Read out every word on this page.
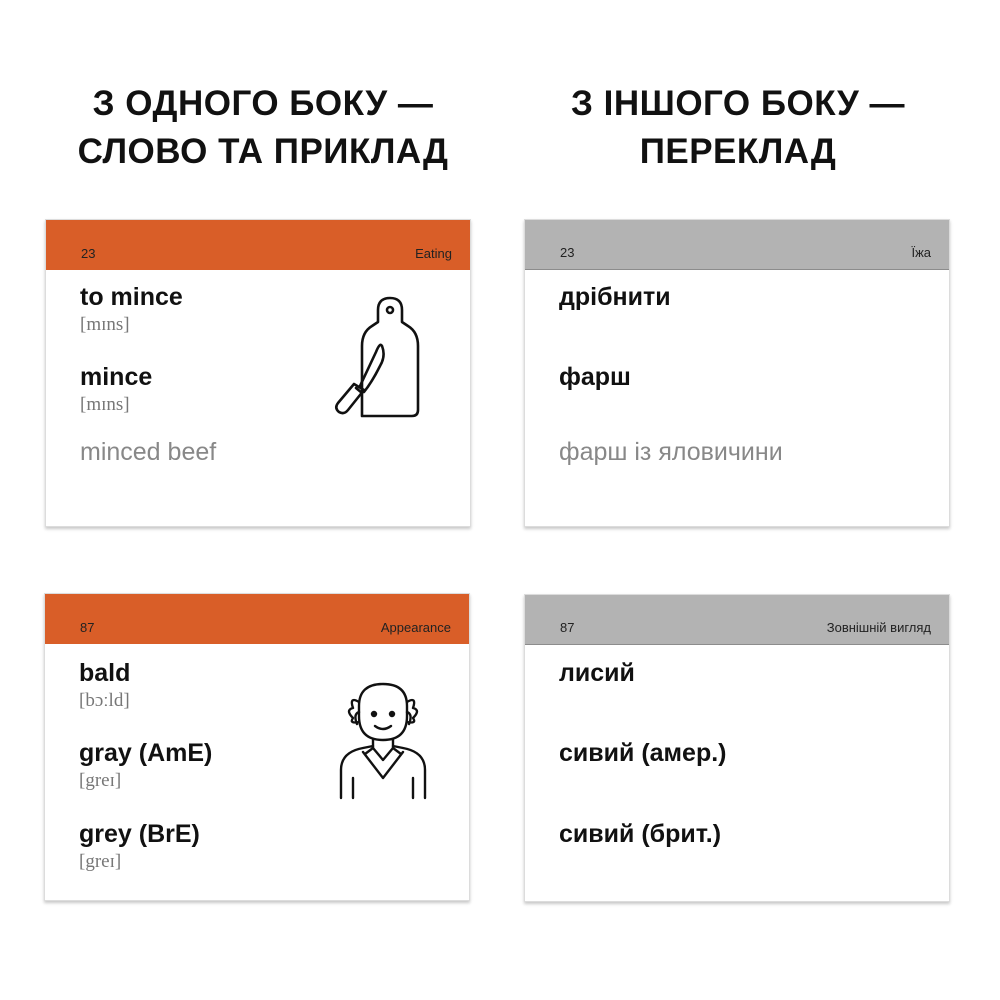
З ОДНОГО БОКУ —
СЛОВО ТА ПРИКЛАД
З ІНШОГО БОКУ —
ПЕРЕКЛАД
23	Eating
to mince
[mɪns]
mince
[mɪns]
minced beef
23	Їжа
дрібнити
фарш
фарш із яловичини
87	Appearance
bald
[bɔːld]
gray (AmE)
[greɪ]
grey (BrE)
[greɪ]
87	Зовнішній вигляд
лисий
сивий (амер.)
сивий (брит.)
